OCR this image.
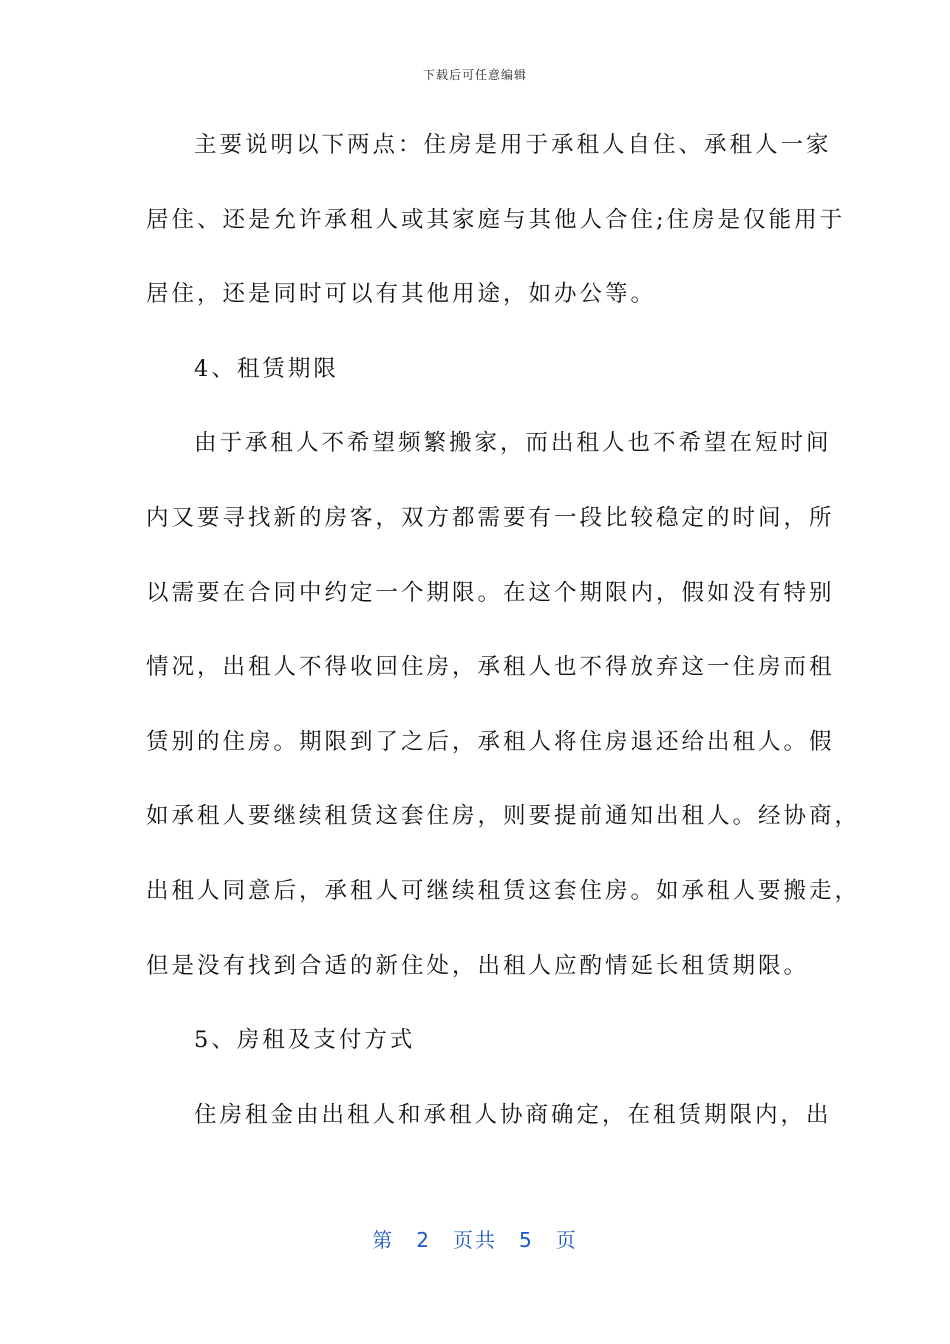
下载后可任意编辑
主要说明以下两点：住房是用于承租人自住、承租人一家
居住、还是允许承租人或其家庭与其他人合住;住房是仅能用于
居住，还是同时可以有其他用途，如办公等。
4、租赁期限
由于承租人不希望频繁搬家，而出租人也不希望在短时间
内又要寻找新的房客，双方都需要有一段比较稳定的时间，所
以需要在合同中约定一个期限。在这个期限内，假如没有特别
情况，出租人不得收回住房，承租人也不得放弃这一住房而租
赁别的住房。期限到了之后，承租人将住房退还给出租人。假
如承租人要继续租赁这套住房，则要提前通知出租人。经协商，
出租人同意后，承租人可继续租赁这套住房。如承租人要搬走，
但是没有找到合适的新住处，出租人应酌情延长租赁期限。
5、房租及支付方式
住房租金由出租人和承租人协商确定，在租赁期限内，出
第 2 页共 5 页
